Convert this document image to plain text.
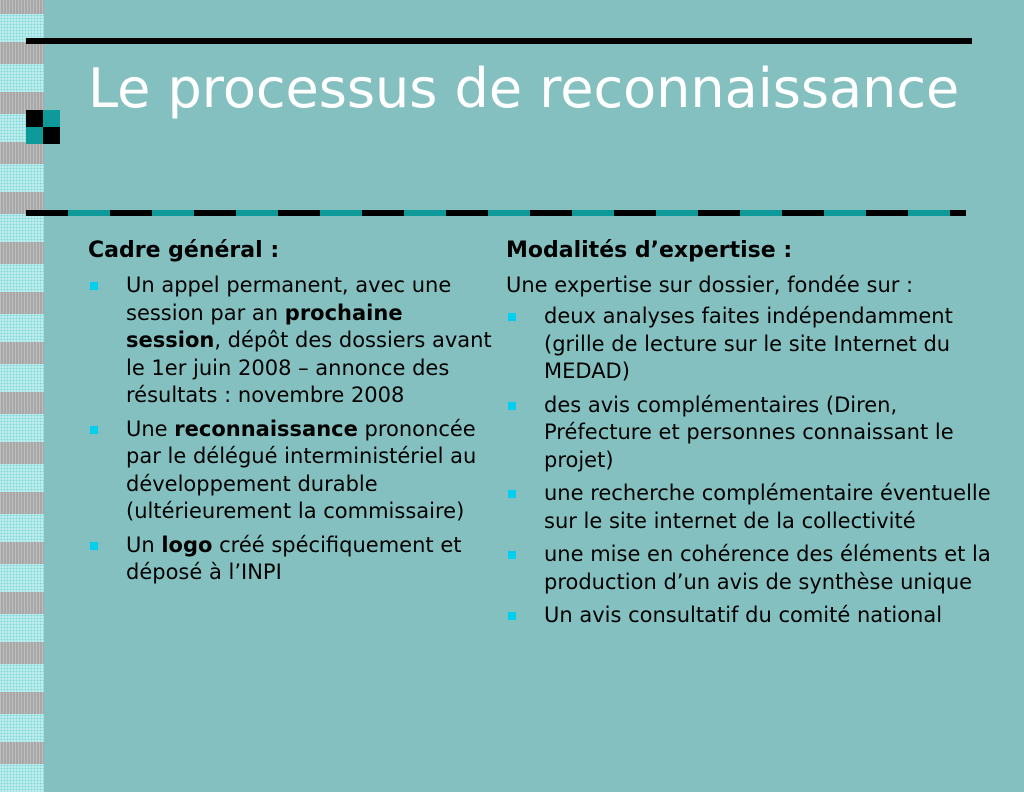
Le processus de reconnaissance
Cadre général :
Un appel permanent, avec une session par an prochaine session, dépôt des dossiers avant le 1er juin 2008 – annonce des résultats : novembre 2008
Une reconnaissance prononcée par le délégué interministériel au développement durable (ultérieurement la commissaire)
Un logo créé spécifiquement et déposé à l’INPI
Modalités d’expertise :
Une expertise sur dossier, fondée sur :
deux analyses faites indépendamment (grille de lecture sur le site Internet du MEDAD)
des avis complémentaires (Diren, Préfecture et personnes connaissant le projet)
une recherche complémentaire éventuelle sur le site internet de la collectivité
une mise en cohérence des éléments et la production d’un avis de synthèse unique
Un avis consultatif du comité national
